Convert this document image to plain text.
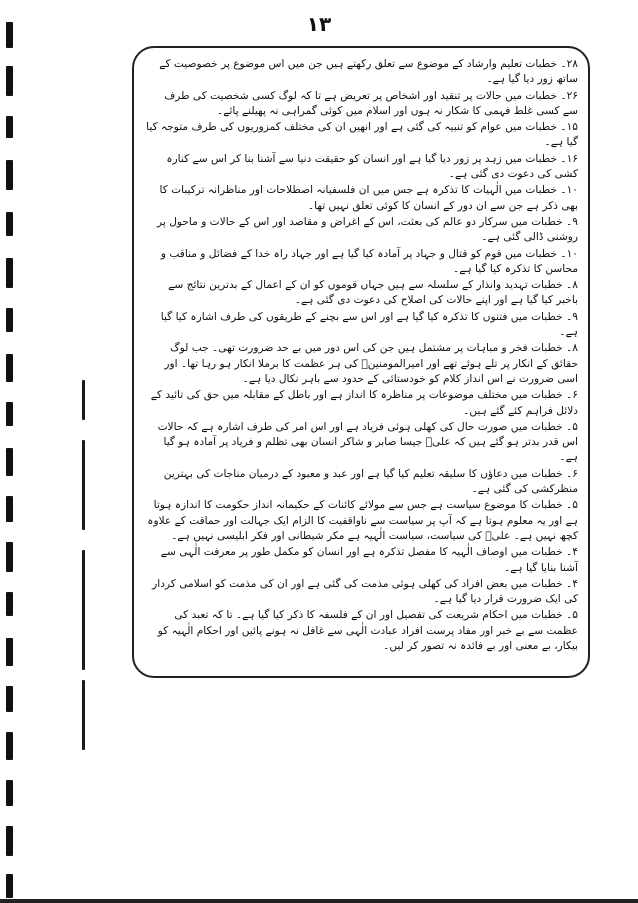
۱۳

۲۸۔ خطبات تعلیم وارشاد کے موضوع سے تعلق رکھتے ہیں جن میں اس موضوع پر خصوصیت کے ساتھ زور دیا گیا ہے۔

۲۶۔ خطبات میں حالات پر تنقید اور اشخاص پر تعریض ہے تا کہ لوگ کسی شخصیت کی طرف سے کسی غلط فہمی کا شکار نہ ہوں اور اسلام میں کوئی گمراہی نہ پھیلنے پائے۔

۱۵۔ خطبات میں عوام کو تنبیہ کی گئی ہے اور انھیں ان کی مختلف کمزوریوں کی طرف متوجہ کیا گیا ہے۔

۱۶۔ خطبات میں زہد پر زور دیا گیا ہے اور انسان کو حقیقت دنیا سے آشنا بنا کر اس سے کنارہ کشی کی دعوت دی گئی ہے۔

۱۰۔ خطبات میں الٰہیات کا تذکرہ ہے جس میں ان فلسفیانہ اصطلاحات اور مناظرانہ ترکیبات کا بھی ذکر ہے جن سے ان دور کے انسان کا کوئی تعلق نہیں تھا۔

۹۔ خطبات میں سرکار دو عالم کی بعثت، اس کے اغراض و مقاصد اور اس کے حالات و ماحول پر روشنی ڈالی گئی ہے۔

۱۰۔ خطبات میں قوم کو قتال و جہاد پر آمادہ کیا گیا ہے اور جہاد راہ خدا کے فضائل و مناقب و محاسن کا تذکرہ کیا گیا ہے۔

۸۔ خطبات تہدید وانذار کے سلسلہ سے ہیں جہاں قوموں کو ان کے اعمال کے بدترین نتائج سے باخبر کیا گیا ہے اور اپنے حالات کی اصلاح کی دعوت دی گئی ہے۔

۹۔ خطبات میں فتنوں کا تذکرہ کیا گیا ہے اور اس سے بچنے کے طریقوں کی طرف اشارہ کیا گیا ہے۔

۸۔ خطبات فخر و مباہات پر مشتمل ہیں جن کی اس دور میں بے حد ضرورت تھی۔ جب لوگ حقائق کے انکار پر تلے ہوئے تھے اور امیرالمومنینؑ کی ہر عظمت کا برملا انکار ہو رہا تھا۔ اور اسی ضرورت نے اس انداز کلام کو خودستائی کے حدود سے باہر نکال دیا ہے۔

۶۔ خطبات میں مختلف موضوعات پر مناظرہ کا انداز ہے اور باطل کے مقابلہ میں حق کی تائید کے دلائل فراہم کئے گئے ہیں۔

۵۔ خطبات میں صورت حال کی کھلی ہوئی فریاد ہے اور اس امر کی طرف اشارہ ہے کہ حالات اس قدر بدتر ہو گئے ہیں کہ علیؑ جیسا صابر و شاکر انسان بھی تظلم و فریاد پر آمادہ ہو گیا ہے۔

۶۔ خطبات میں دعاؤں کا سلیقہ تعلیم کیا گیا ہے اور عبد و معبود کے درمیان مناجات کی بہترین منظرکشی کی گئی ہے۔

۵۔ خطبات کا موضوع سیاست ہے جس سے مولائے کائنات کے حکیمانہ انداز حکومت کا اندازہ ہوتا ہے اور یہ معلوم ہوتا ہے کہ آپ پر سیاست سے ناواقفیت کا الزام ایک جہالت اور حماقت کے علاوہ کچھ نہیں ہے۔ علیؑ کی سیاست، سیاست الٰہیہ ہے مکر شیطانی اور فکر ابلیسی نہیں ہے۔

۴۔ خطبات میں اوصاف الٰہیہ کا مفصل تذکرہ ہے اور انسان کو مکمل طور پر معرفت الٰہی سے آشنا بنایا گیا ہے۔

۴۔ خطبات میں بعض افراد کی کھلی ہوئی مذمت کی گئی ہے اور ان کی مذمت کو اسلامی کردار کی ایک ضرورت قرار دیا گیا ہے۔

۵۔ خطبات میں احکام شریعت کی تفصیل اور ان کے فلسفہ کا ذکر کیا گیا ہے۔ تا کہ تعبد کی عظمت سے بے خبر اور مفاد پرست افراد عبادت الٰہی سے غافل نہ ہونے پائیں اور احکام الٰہیہ کو بیکار، بے معنی اور بے فائدہ نہ تصور کر لیں۔
